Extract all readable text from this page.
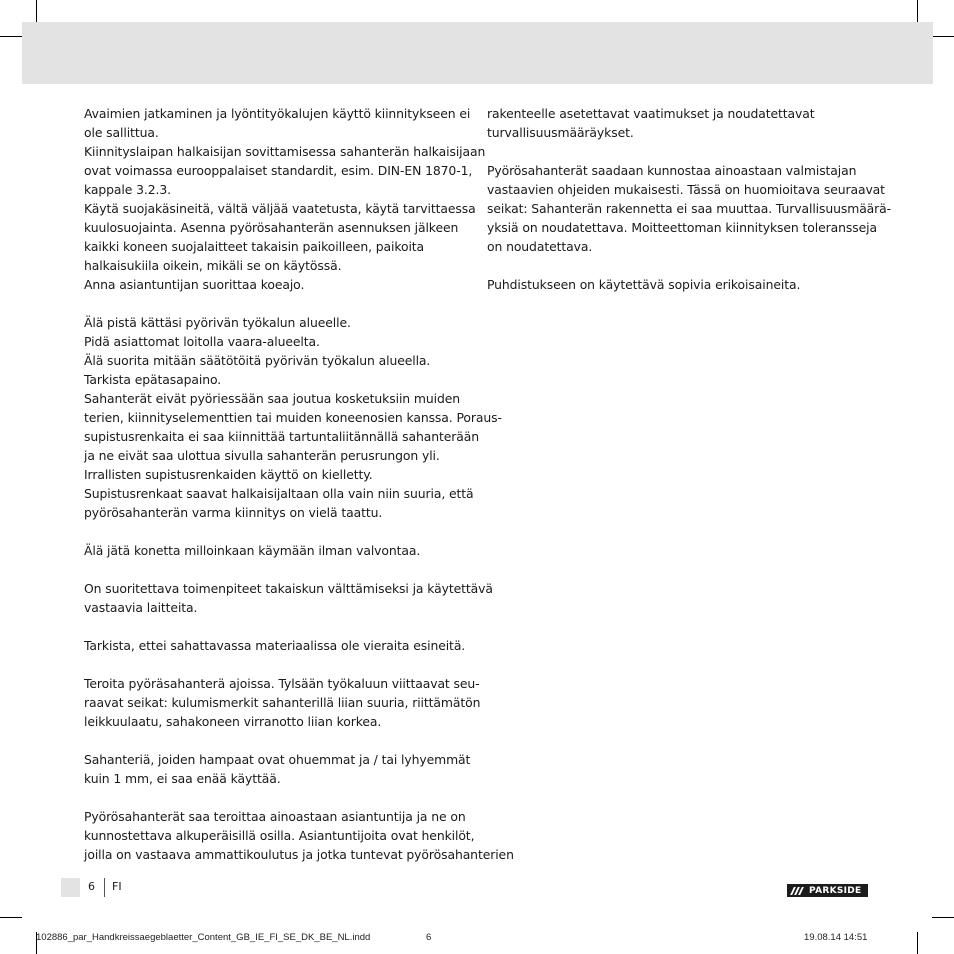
Avaimien jatkaminen ja lyöntityökalujen käyttö kiinnitykseen ei
ole sallittua.
Kiinnityslaipan halkaisijan sovittamisessa sahanterän halkaisijaan
ovat voimassa eurooppalaiset standardit, esim. DIN-EN 1870-1,
kappale 3.2.3.
Käytä suojakäsineitä, vältä väljää vaatetusta, käytä tarvittaessa
kuulosuojainta. Asenna pyörösahanterän asennuksen jälkeen
kaikki koneen suojalaitteet takaisin paikoilleen, paikoita
halkaisukiila oikein, mikäli se on käytössä.
Anna asiantuntijan suorittaa koeajo.
Älä pistä kättäsi pyörivän työkalun alueelle.
Pidä asiattomat loitolla vaara-alueelta.
Älä suorita mitään säätötöitä pyörivän työkalun alueella.
Tarkista epätasapaino.
Sahanterät eivät pyöriessään saa joutua kosketuksiin muiden
terien, kiinnityselementtien tai muiden koneenosien kanssa. Poraus-
supistusrenkaita ei saa kiinnittää tartuntaliitännällä sahanterään
ja ne eivät saa ulottua sivulla sahanterän perusrungon yli.
Irrallisten supistusrenkaiden käyttö on kielletty.
Supistusrenkaat saavat halkaisijaltaan olla vain niin suuria, että
pyörösahanterän varma kiinnitys on vielä taattu.
Älä jätä konetta milloinkaan käymään ilman valvontaa.
On suoritettava toimenpiteet takaiskun välttämiseksi ja käytettävä
vastaavia laitteita.
Tarkista, ettei sahattavassa materiaalissa ole vieraita esineitä.
Teroita pyöräsahanterä ajoissa. Tylsään työkaluun viittaavat seu-
raavat seikat: kulumismerkit sahanterillä liian suuria, riittämätön
leikkuulaatu, sahakoneen virranotto liian korkea.
Sahanteriä, joiden hampaat ovat ohuemmat ja / tai lyhyemmät
kuin 1 mm, ei saa enää käyttää.
Pyörösahanterät saa teroittaa ainoastaan asiantuntija ja ne on
kunnostettava alkuperäisillä osilla. Asiantuntijoita ovat henkilöt,
joilla on vastaava ammattikoulutus ja jotka tuntevat pyörösahanterien
rakenteelle asetettavat vaatimukset ja noudatettavat
turvallisuusmääräykset.
Pyörösahanterät saadaan kunnostaa ainoastaan valmistajan
vastaavien ohjeiden mukaisesti. Tässä on huomioitava seuraavat
seikat: Sahanterän rakennetta ei saa muuttaa. Turvallisuusmäärä-
yksiä on noudatettava. Moitteettoman kiinnityksen toleransseja
on noudatettava.
Puhdistukseen on käytettävä sopivia erikoisaineita.
6 FI	PARKSIDE
102886_par_Handkreissaegeblaetter_Content_GB_IE_FI_SE_DK_BE_NL.indd	6	19.08.14 14:51
